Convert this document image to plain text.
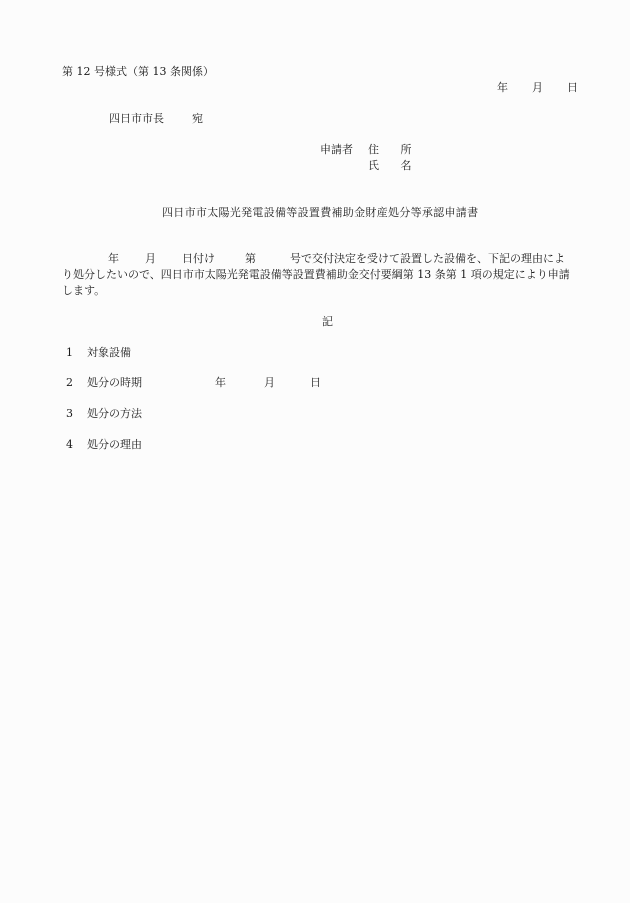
第 12 号様式（第 13 条関係）
年 月 日
四日市市長	宛
申請者	住 所
氏 名
四日市市太陽光発電設備等設置費補助金財産処分等承認申請書
年 月 日付け	第	号で交付決定を受けて設置した設備を、下記の理由によ
り処分したいので、四日市市太陽光発電設備等設置費補助金交付要綱第 13 条第 1 項の規定により申請
します。
記
1 対象設備
2 処分の時期	年	月	日
3 処分の方法
4 処分の理由
